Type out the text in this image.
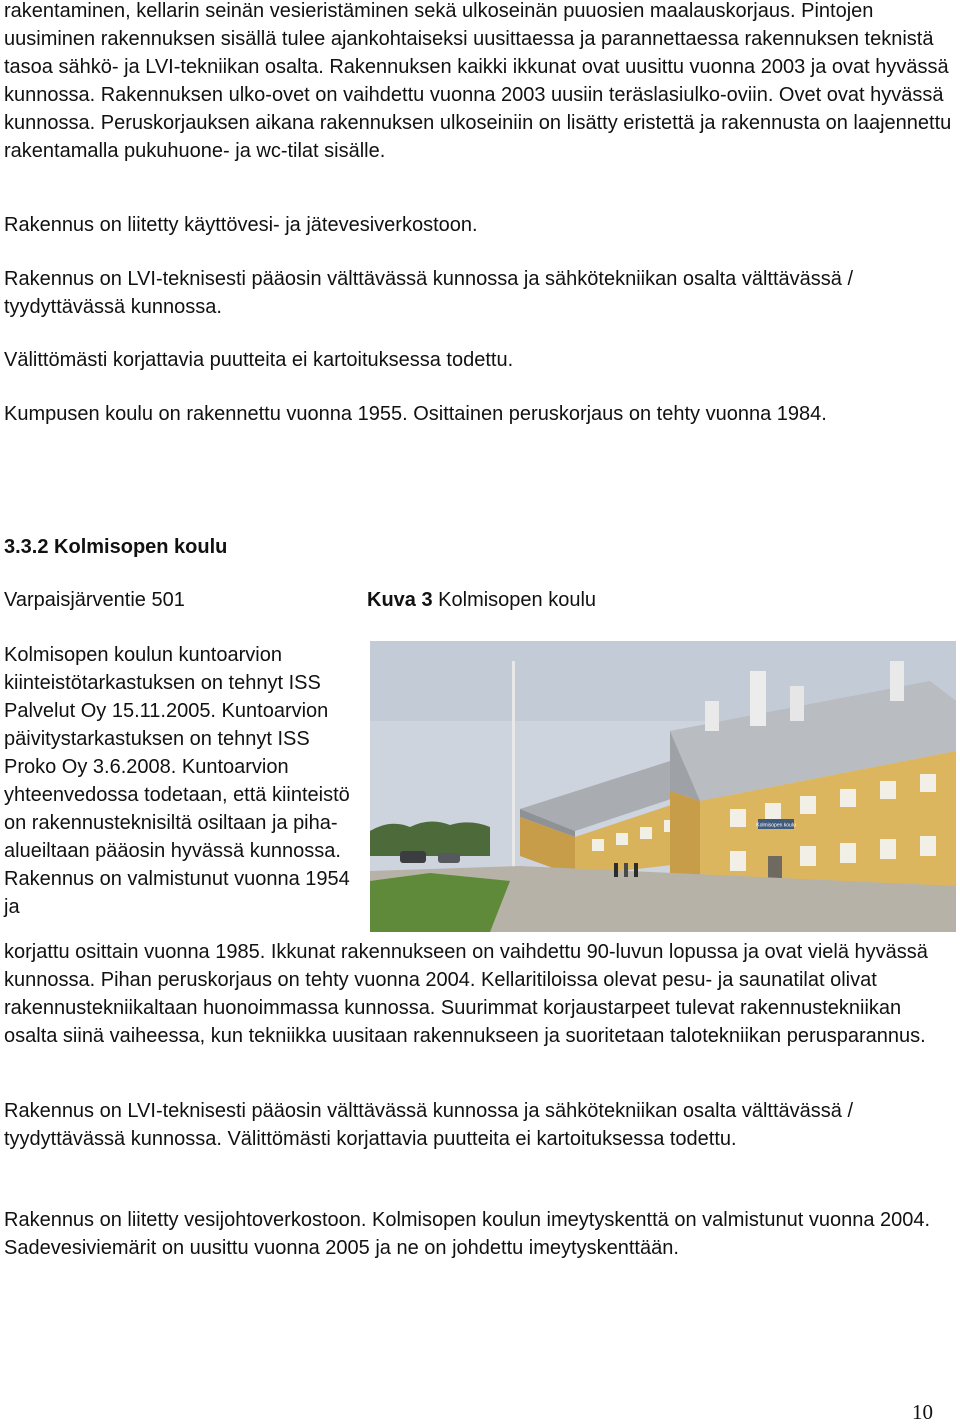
rakentaminen, kellarin seinän vesieristäminen sekä ulkoseinän puuosien maalauskorjaus. Pintojen uusiminen rakennuksen sisällä tulee ajankohtaiseksi uusittaessa ja parannettaessa rakennuksen teknistä tasoa sähkö- ja LVI-tekniikan osalta. Rakennuksen kaikki ikkunat ovat uusittu vuonna 2003 ja ovat hyvässä kunnossa. Rakennuksen ulko-ovet on vaihdettu vuonna 2003 uusiin teräslasiulko-oviin. Ovet ovat hyvässä kunnossa. Peruskorjauksen aikana rakennuksen ulkoseiniin on lisätty eristettä ja rakennusta on laajennettu rakentamalla pukuhuone- ja wc-tilat sisälle.

Rakennus on liitetty käyttövesi- ja jätevesiverkostoon.

Rakennus on LVI-teknisesti pääosin välttävässä kunnossa ja sähkötekniikan osalta välttävässä / tyydyttävässä kunnossa.

Välittömästi korjattavia puutteita ei kartoituksessa todettu.

Kumpusen koulu on rakennettu vuonna 1955. Osittainen peruskorjaus on tehty vuonna 1984.

3.3.2 Kolmisopen koulu

Varpaisjärventie 501	Kuva 3 Kolmisopen koulu

Kolmisopen koulun kuntoarvion kiinteistötarkastuksen on tehnyt ISS Palvelut Oy 15.11.2005. Kuntoarvion päivitystarkastuksen on tehnyt ISS Proko Oy 3.6.2008. Kuntoarvion yhteenvedossa todetaan, että kiinteistö on rakennusteknisiltä osiltaan ja piha-alueiltaan pääosin hyvässä kunnossa. Rakennus on valmistunut vuonna 1954 ja

Kolmisopen koulu

korjattu osittain vuonna 1985. Ikkunat rakennukseen on vaihdettu 90-luvun lopussa ja ovat vielä hyvässä kunnossa. Pihan peruskorjaus on tehty vuonna 2004. Kellaritiloissa olevat pesu- ja saunatilat olivat rakennustekniikaltaan huonoimmassa kunnossa. Suurimmat korjaustarpeet tulevat rakennustekniikan osalta siinä vaiheessa, kun tekniikka uusitaan rakennukseen ja suoritetaan talotekniikan perusparannus.

Rakennus on LVI-teknisesti pääosin välttävässä kunnossa ja sähkötekniikan osalta välttävässä / tyydyttävässä kunnossa. Välittömästi korjattavia puutteita ei kartoituksessa todettu.

Rakennus on liitetty vesijohtoverkostoon. Kolmisopen koulun imeytyskenttä on valmistunut vuonna 2004. Sadevesiviemärit on uusittu vuonna 2005 ja ne on johdettu imeytyskenttään.

10
